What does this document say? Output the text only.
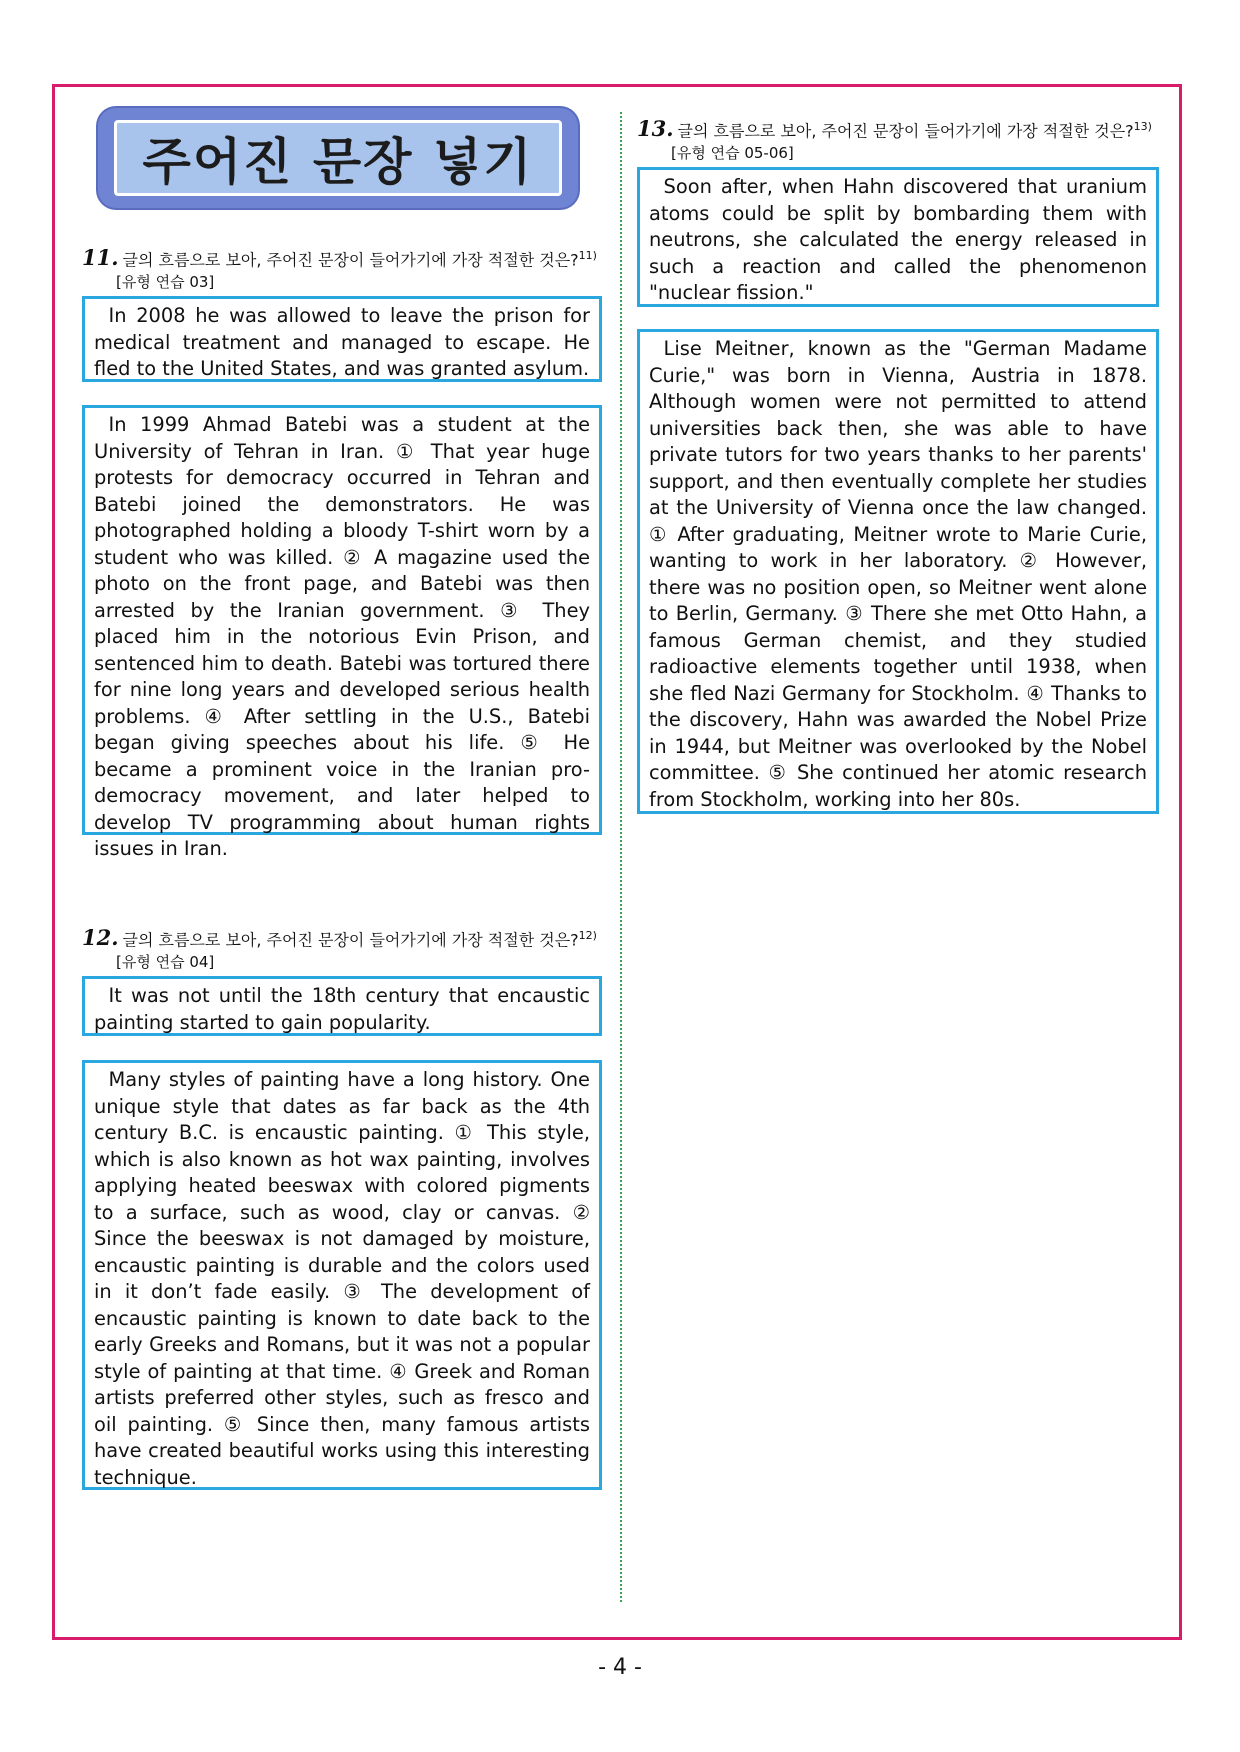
주어진 문장 넣기
11. 글의 흐름으로 보아, 주어진 문장이 들어가기에 가장 적절한 것은?$^{11)}$
[유형 연습 03]

In 2008 he was allowed to leave the prison for medical treatment and managed to escape. He fled to the United States, and was granted asylum.

In 1999 Ahmad Batebi was a student at the University of Tehran in Iran. ① That year huge protests for democracy occurred in Tehran and Batebi joined the demonstrators. He was photographed holding a bloody T-shirt worn by a student who was killed. ② A magazine used the photo on the front page, and Batebi was then arrested by the Iranian government. ③ They placed him in the notorious Evin Prison, and sentenced him to death. Batebi was tortured there for nine long years and developed serious health problems. ④ After settling in the U.S., Batebi began giving speeches about his life. ⑤ He became a prominent voice in the Iranian pro-democracy movement, and later helped to develop TV programming about human rights issues in Iran.

12. 글의 흐름으로 보아, 주어진 문장이 들어가기에 가장 적절한 것은?$^{12)}$
[유형 연습 04]

It was not until the 18th century that encaustic painting started to gain popularity.

Many styles of painting have a long history. One unique style that dates as far back as the 4th century B.C. is encaustic painting. ① This style, which is also known as hot wax painting, involves applying heated beeswax with colored pigments to a surface, such as wood, clay or canvas. ② Since the beeswax is not damaged by moisture, encaustic painting is durable and the colors used in it don’t fade easily. ③ The development of encaustic painting is known to date back to the early Greeks and Romans, but it was not a popular style of painting at that time. ④ Greek and Roman artists preferred other styles, such as fresco and oil painting. ⑤ Since then, many famous artists have created beautiful works using this interesting technique.

13. 글의 흐름으로 보아, 주어진 문장이 들어가기에 가장 적절한 것은?$^{13)}$
[유형 연습 05-06]

Soon after, when Hahn discovered that uranium atoms could be split by bombarding them with neutrons, she calculated the energy released in such a reaction and called the phenomenon "nuclear fission."

Lise Meitner, known as the "German Madame Curie," was born in Vienna, Austria in 1878. Although women were not permitted to attend universities back then, she was able to have private tutors for two years thanks to her parents' support, and then eventually complete her studies at the University of Vienna once the law changed. ① After graduating, Meitner wrote to Marie Curie, wanting to work in her laboratory. ② However, there was no position open, so Meitner went alone to Berlin, Germany. ③ There she met Otto Hahn, a famous German chemist, and they studied radioactive elements together until 1938, when she fled Nazi Germany for Stockholm. ④ Thanks to the discovery, Hahn was awarded the Nobel Prize in 1944, but Meitner was overlooked by the Nobel committee. ⑤ She continued her atomic research from Stockholm, working into her 80s.

- 4 -
